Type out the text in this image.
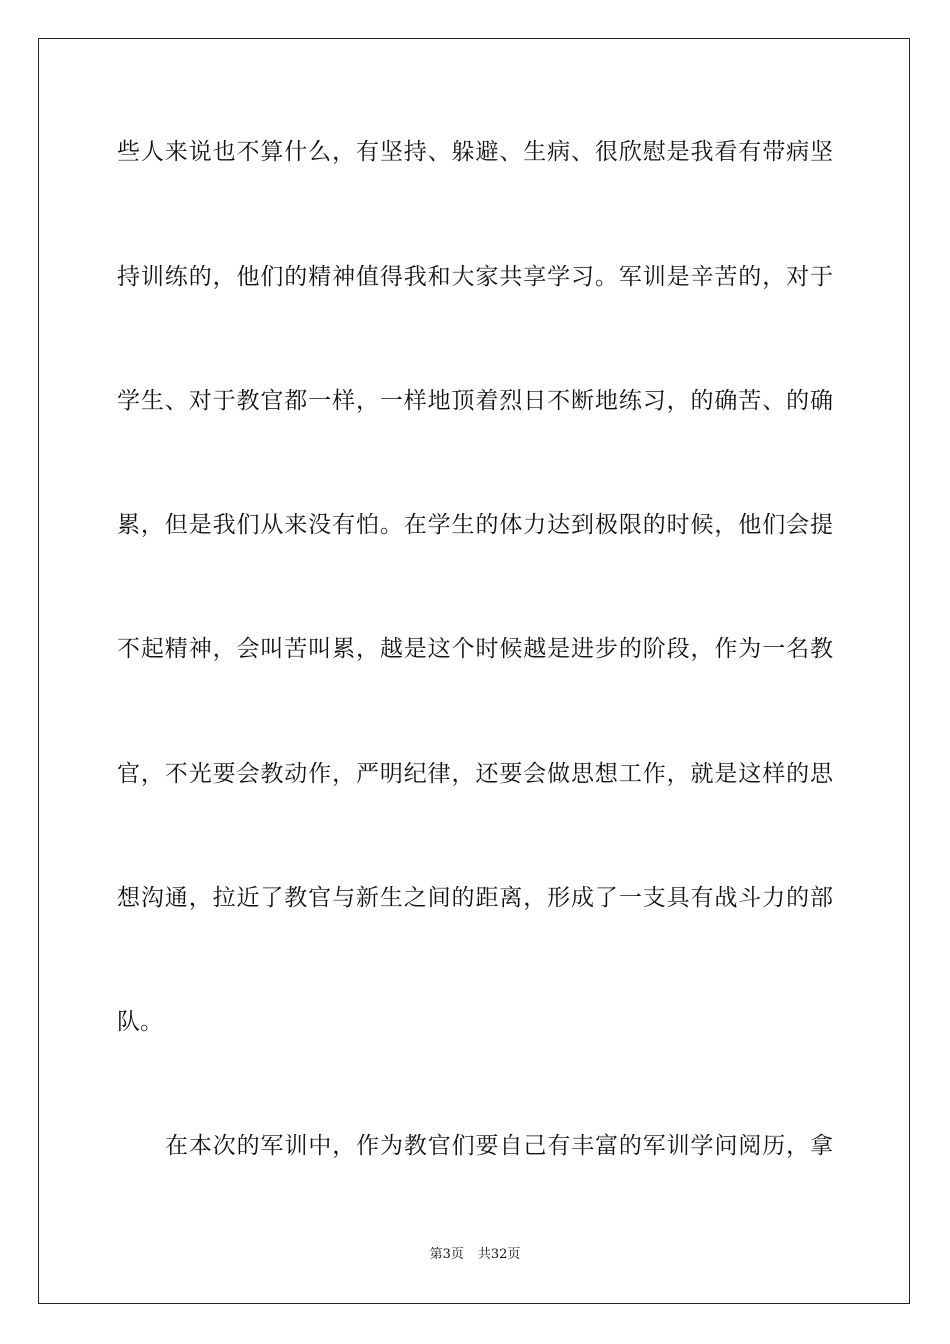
些人来说也不算什么，有坚持、躲避、生病、很欣慰是我看有带病坚
持训练的，他们的精神值得我和大家共享学习。军训是辛苦的，对于
学生、对于教官都一样，一样地顶着烈日不断地练习，的确苦、的确
累，但是我们从来没有怕。在学生的体力达到极限的时候，他们会提
不起精神，会叫苦叫累，越是这个时候越是进步的阶段，作为一名教
官，不光要会教动作，严明纪律，还要会做思想工作，就是这样的思
想沟通，拉近了教官与新生之间的距离，形成了一支具有战斗力的部
队。
在本次的军训中，作为教官们要自己有丰富的军训学问阅历，拿
第3页 共32页
